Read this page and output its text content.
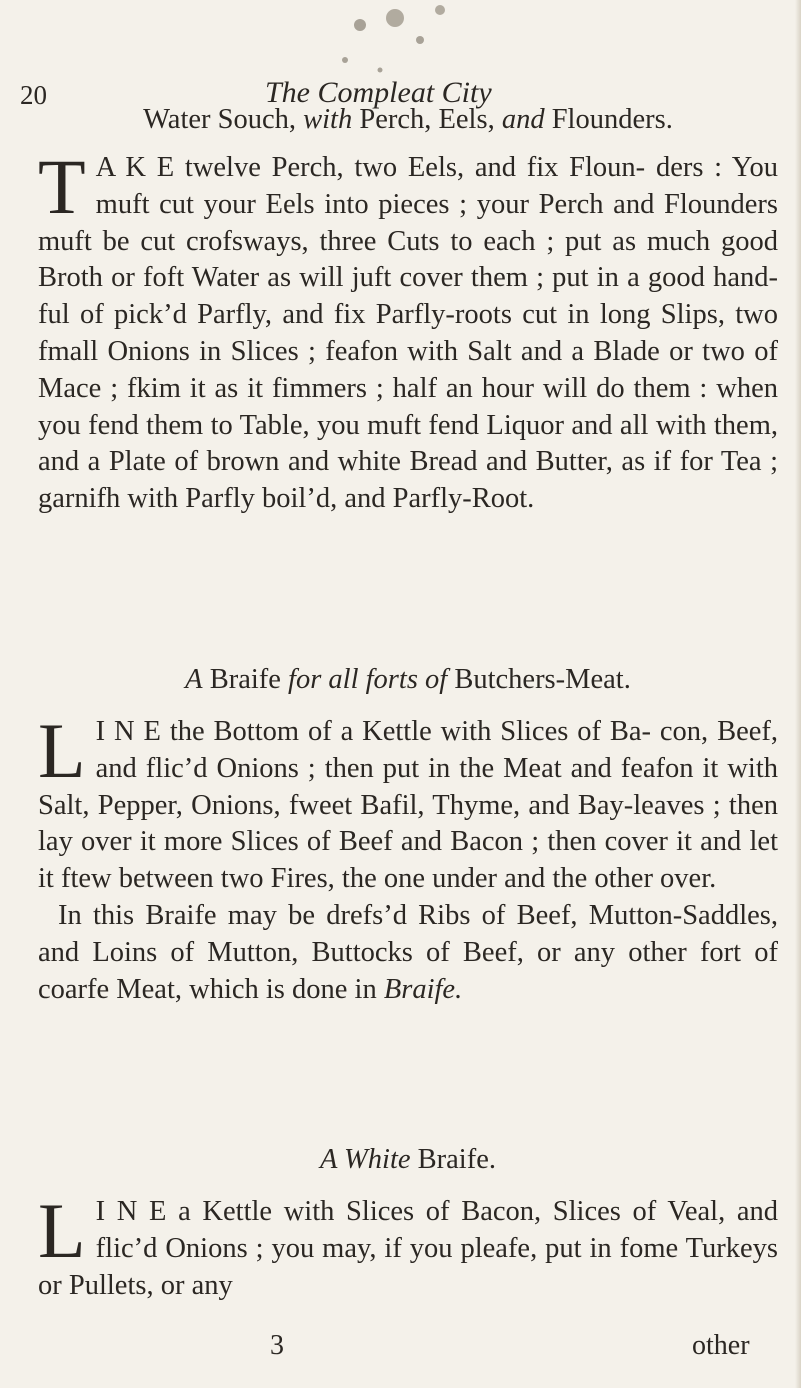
20	The Compleat City
Water Souch, with Perch, Eels, and Flounders.

T A K E twelve Perch, two Eels, and fix Floun- ders : You muft cut your Eels into pieces ; your Perch and Flounders muft be cut crofsways, three Cuts to each ; put as much good Broth or foft Water as will juft cover them ; put in a good hand-ful of pick’d Parfly, and fix Parfly-roots cut in long Slips, two fmall Onions in Slices ; feafon with Salt and a Blade or two of Mace ; fkim it as it fimmers ; half an hour will do them : when you fend them to Table, you muft fend Liquor and all with them, and a Plate of brown and white Bread and Butter, as if for Tea ; garnifh with Parfly boil’d, and Parfly-Root.

A Braife for all forts of Butchers-Meat.

L I N E the Bottom of a Kettle with Slices of Ba- con, Beef, and flic’d Onions ; then put in the Meat and feafon it with Salt, Pepper, Onions, fweet Bafil, Thyme, and Bay-leaves ; then lay over it more Slices of Beef and Bacon ; then cover it and let it ftew between two Fires, the one under and the other over.

In this Braife may be drefs’d Ribs of Beef, Mutton-Saddles, and Loins of Mutton, Buttocks of Beef, or any other fort of coarfe Meat, which is done in Braife.

A White Braife.

L I N E a Kettle with Slices of Bacon, Slices of Veal, and flic’d Onions ; you may, if you pleafe, put in fome Turkeys or Pullets, or any

3	other
